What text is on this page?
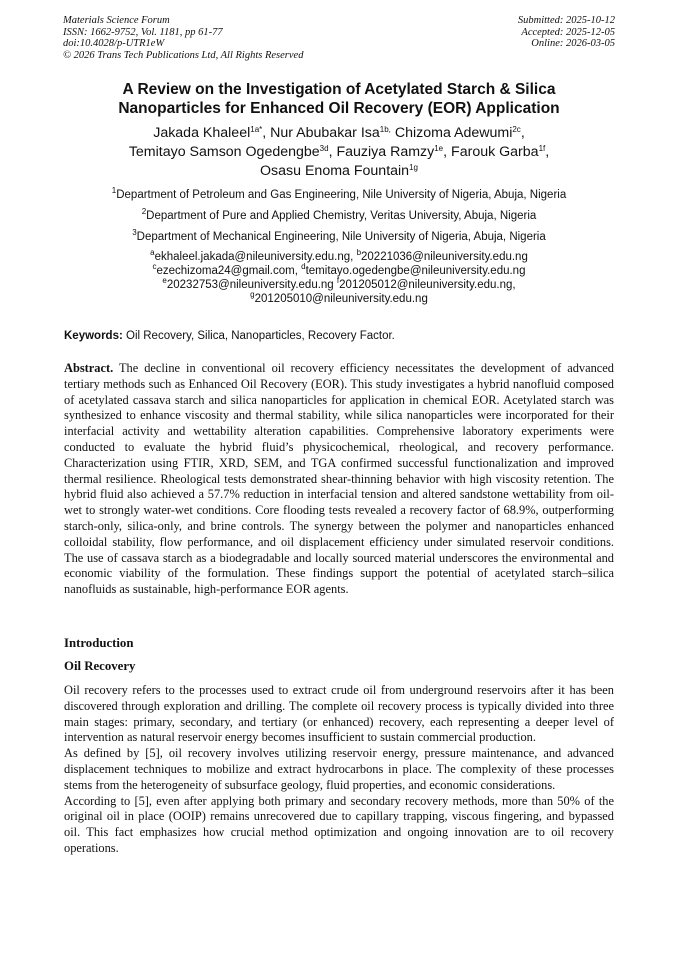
Materials Science Forum
ISSN: 1662-9752, Vol. 1181, pp 61-77
doi:10.4028/p-UTR1eW
© 2026 Trans Tech Publications Ltd, All Rights Reserved
Submitted: 2025-10-12
Accepted: 2025-12-05
Online: 2026-03-05
A Review on the Investigation of Acetylated Starch & Silica
Nanoparticles for Enhanced Oil Recovery (EOR) Application
Jakada Khaleel$^{1a*}$, Nur Abubakar Isa$^{1b,}$ Chizoma Adewumi$^{2c}$,
Temitayo Samson Ogedengbe$^{3d}$, Fauziya Ramzy$^{1e}$, Farouk Garba$^{1f}$,
Osasu Enoma Fountain$^{1g}$
$^1$Department of Petroleum and Gas Engineering, Nile University of Nigeria, Abuja, Nigeria
$^2$Department of Pure and Applied Chemistry, Veritas University, Abuja, Nigeria
$^3$Department of Mechanical Engineering, Nile University of Nigeria, Abuja, Nigeria
$^a$ekhaleel.jakada@nileuniversity.edu.ng, $^b$20221036@nileuniversity.edu.ng
$^c$ezechizoma24@gmail.com, $^d$temitayo.ogedengbe@nileuniversity.edu.ng
$^e$20232753@nileuniversity.edu.ng $^f$201205012@nileuniversity.edu.ng,
$^g$201205010@nileuniversity.edu.ng
Keywords: Oil Recovery, Silica, Nanoparticles, Recovery Factor.
Abstract. The decline in conventional oil recovery efficiency necessitates the development of advanced tertiary methods such as Enhanced Oil Recovery (EOR). This study investigates a hybrid nanofluid composed of acetylated cassava starch and silica nanoparticles for application in chemical EOR. Acetylated starch was synthesized to enhance viscosity and thermal stability, while silica nanoparticles were incorporated for their interfacial activity and wettability alteration capabilities. Comprehensive laboratory experiments were conducted to evaluate the hybrid fluid’s physicochemical, rheological, and recovery performance. Characterization using FTIR, XRD, SEM, and TGA confirmed successful functionalization and improved thermal resilience. Rheological tests demonstrated shear-thinning behavior with high viscosity retention. The hybrid fluid also achieved a 57.7% reduction in interfacial tension and altered sandstone wettability from oil-wet to strongly water-wet conditions. Core flooding tests revealed a recovery factor of 68.9%, outperforming starch-only, silica-only, and brine controls. The synergy between the polymer and nanoparticles enhanced colloidal stability, flow performance, and oil displacement efficiency under simulated reservoir conditions. The use of cassava starch as a biodegradable and locally sourced material underscores the environmental and economic viability of the formulation. These findings support the potential of acetylated starch–silica nanofluids as sustainable, high-performance EOR agents.
Introduction
Oil Recovery

Oil recovery refers to the processes used to extract crude oil from underground reservoirs after it has been discovered through exploration and drilling. The complete oil recovery process is typically divided into three main stages: primary, secondary, and tertiary (or enhanced) recovery, each representing a deeper level of intervention as natural reservoir energy becomes insufficient to sustain commercial production.

As defined by [5], oil recovery involves utilizing reservoir energy, pressure maintenance, and advanced displacement techniques to mobilize and extract hydrocarbons in place. The complexity of these processes stems from the heterogeneity of subsurface geology, fluid properties, and economic considerations.

According to [5], even after applying both primary and secondary recovery methods, more than 50% of the original oil in place (OOIP) remains unrecovered due to capillary trapping, viscous fingering, and bypassed oil. This fact emphasizes how crucial method optimization and ongoing innovation are to oil recovery operations.
